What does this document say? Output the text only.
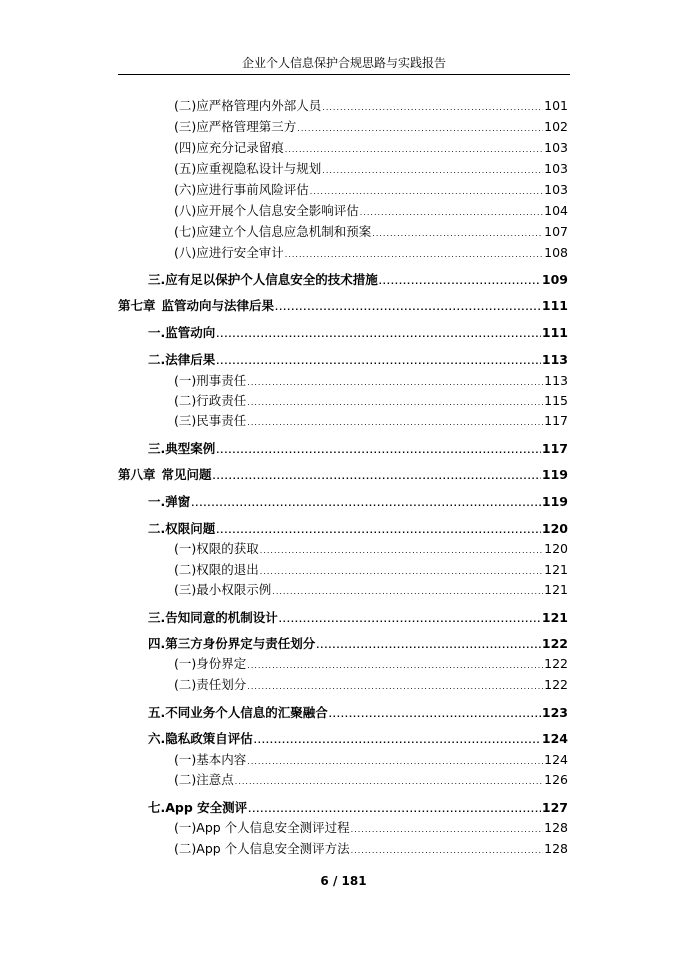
企业个人信息保护合规思路与实践报告
(二) 应严格管理内外部人员 .....	101
(三) 应严格管理第三方 .....	102
(四) 应充分记录留痕 .....	103
(五) 应重视隐私设计与规划 .....	103
(六) 应进行事前风险评估 .....	103
(八) 应开展个人信息安全影响评估 .....	104
(七) 应建立个人信息应急机制和预案 .....	107
(八) 应进行安全审计 .....	108
三. 应有足以保护个人信息安全的技术措施 .....	109
第七章 监管动向与法律后果 .....	111
一. 监管动向 .....	111
二. 法律后果 .....	113
(一) 刑事责任 .....	113
(二) 行政责任 .....	115
(三) 民事责任 .....	117
三. 典型案例 .....	117
第八章 常见问题 .....	119
一. 弹窗 .....	119
二. 权限问题 .....	120
(一) 权限的获取 .....	120
(二) 权限的退出 .....	121
(三) 最小权限示例 .....	121
三. 告知同意的机制设计 .....	121
四. 第三方身份界定与责任划分 .....	122
(一) 身份界定 .....	122
(二) 责任划分 .....	122
五. 不同业务个人信息的汇聚融合 .....	123
六. 隐私政策自评估 .....	124
(一) 基本内容 .....	124
(二) 注意点 .....	126
七. App 安全测评 .....	127
(一) App 个人信息安全测评过程 .....	128
(二) App 个人信息安全测评方法 .....	128
6 / 181
